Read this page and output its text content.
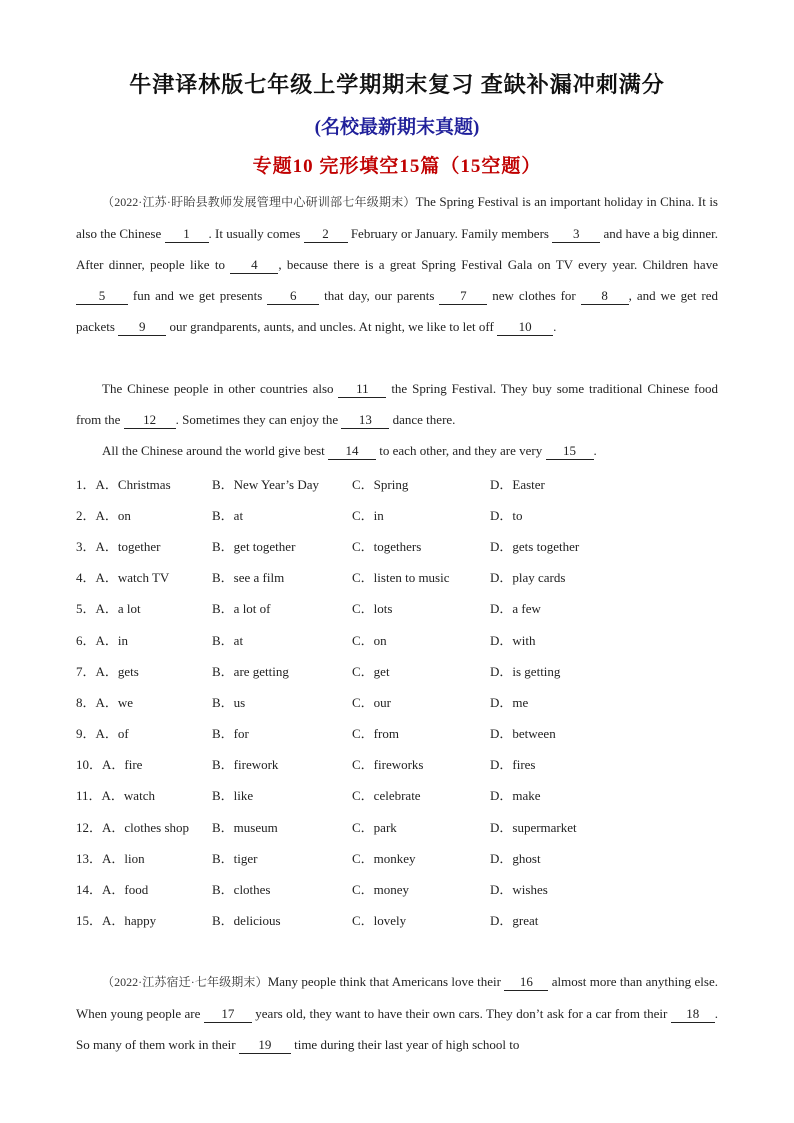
牛津译林版七年级上学期期末复习 查缺补漏冲刺满分
(名校最新期末真题)
专题10 完形填空15篇（15空题）
（2022·江苏·盱眙县教师发展管理中心研训部七年级期末）The Spring Festival is an important holiday in China. It is also the Chinese 1 . It usually comes 2 February or January. Family members 3 and have a big dinner. After dinner, people like to 4 , because there is a great Spring Festival Gala on TV every year. Children have 5 fun and we get presents 6 that day, our parents 7 new clothes for 8 , and we get red packets 9 our grandparents, aunts, and uncles. At night, we like to let off 10 .
The Chinese people in other countries also 11 the Spring Festival. They buy some traditional Chinese food from the 12 . Sometimes they can enjoy the 13 dance there.
All the Chinese around the world give best 14 to each other, and they are very 15 .
1．A．Christmas	B．New Year’s Day	C．Spring	D．Easter
2．A．on	B．at	C．in	D．to
3．A．together	B．get together	C．togethers	D．gets together
4．A．watch TV	B．see a film	C．listen to music	D．play cards
5．A．a lot	B．a lot of	C．lots	D．a few
6．A．in	B．at	C．on	D．with
7．A．gets	B．are getting	C．get	D．is getting
8．A．we	B．us	C．our	D．me
9．A．of	B．for	C．from	D．between
10．A．fire	B．firework	C．fireworks	D．fires
11．A．watch	B．like	C．celebrate	D．make
12．A．clothes shop B．museum	C．park	D．supermarket
13．A．lion	B．tiger	C．monkey	D．ghost
14．A．food	B．clothes	C．money	D．wishes
15．A．happy	B．delicious	C．lovely	D．great
（2022·江苏宿迁·七年级期末）Many people think that Americans love their 16 almost more than anything else. When young people are 17 years old, they want to have their own cars. They don’t ask for a car from their 18 . So many of them work in their 19 time during their last year of high school to
